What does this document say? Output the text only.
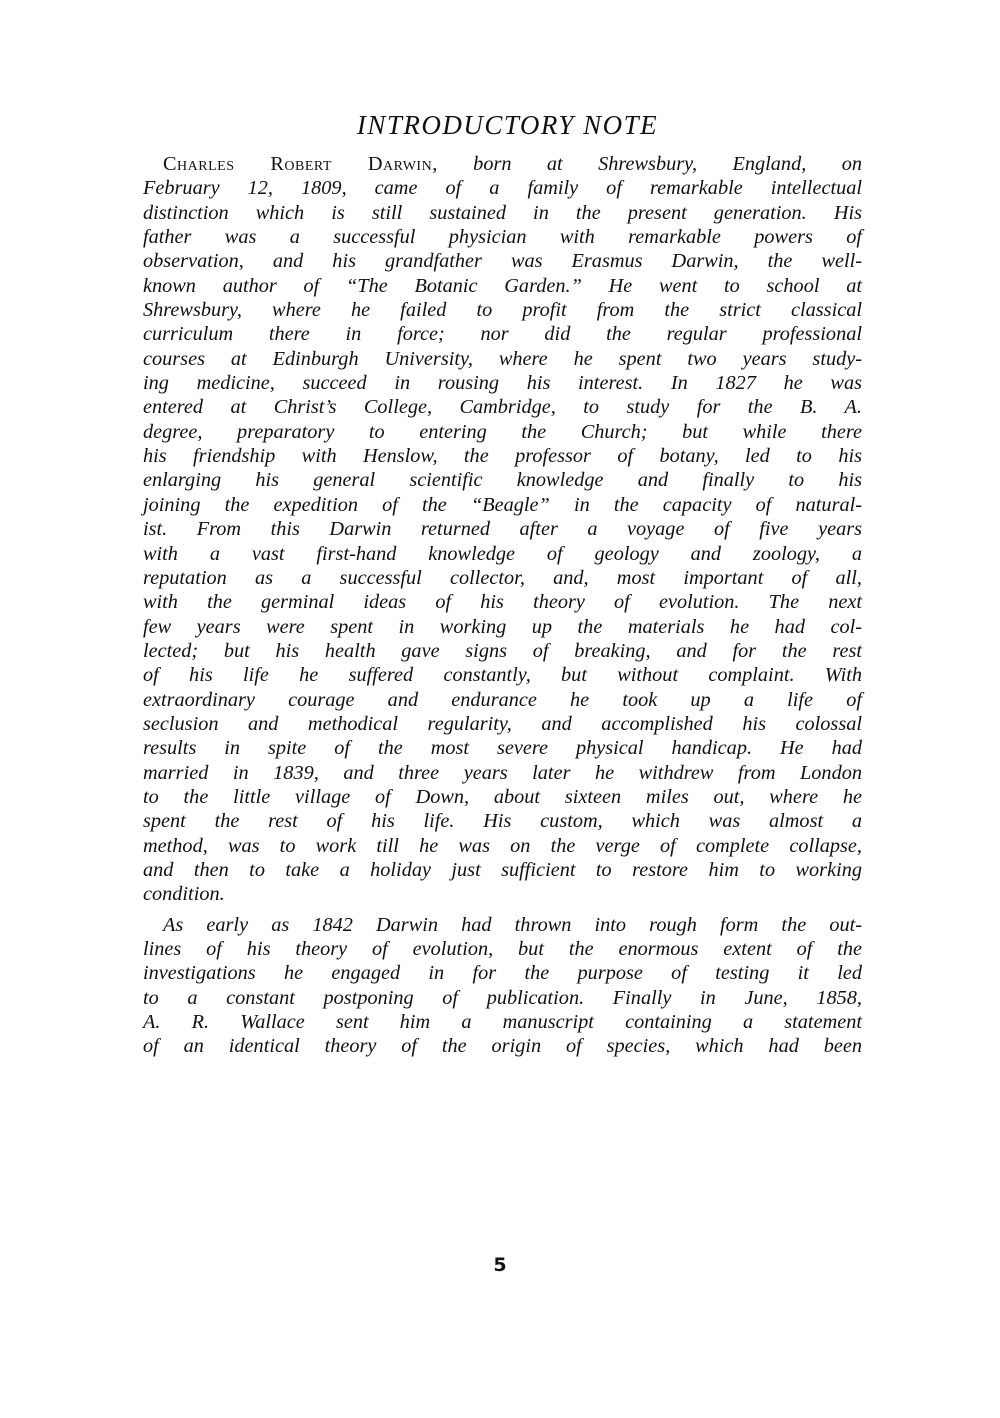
INTRODUCTORY NOTE

Charles Robert Darwin, born at Shrewsbury, England, on
February 12, 1809, came of a family of remarkable intellectual
distinction which is still sustained in the present generation. His
father was a successful physician with remarkable powers of
observation, and his grandfather was Erasmus Darwin, the well-
known author of “The Botanic Garden.” He went to school at
Shrewsbury, where he failed to profit from the strict classical
curriculum there in force; nor did the regular professional
courses at Edinburgh University, where he spent two years study-
ing medicine, succeed in rousing his interest. In 1827 he was
entered at Christ’s College, Cambridge, to study for the B. A.
degree, preparatory to entering the Church; but while there
his friendship with Henslow, the professor of botany, led to his
enlarging his general scientific knowledge and finally to his
joining the expedition of the “Beagle” in the capacity of natural-
ist. From this Darwin returned after a voyage of five years
with a vast first-hand knowledge of geology and zoology, a
reputation as a successful collector, and, most important of all,
with the germinal ideas of his theory of evolution. The next
few years were spent in working up the materials he had col-
lected; but his health gave signs of breaking, and for the rest
of his life he suffered constantly, but without complaint. With
extraordinary courage and endurance he took up a life of
seclusion and methodical regularity, and accomplished his colossal
results in spite of the most severe physical handicap. He had
married in 1839, and three years later he withdrew from London
to the little village of Down, about sixteen miles out, where he
spent the rest of his life. His custom, which was almost a
method, was to work till he was on the verge of complete collapse,
and then to take a holiday just sufficient to restore him to working
condition.

As early as 1842 Darwin had thrown into rough form the out-
lines of his theory of evolution, but the enormous extent of the
investigations he engaged in for the purpose of testing it led
to a constant postponing of publication. Finally in June, 1858,
A. R. Wallace sent him a manuscript containing a statement
of an identical theory of the origin of species, which had been

5
